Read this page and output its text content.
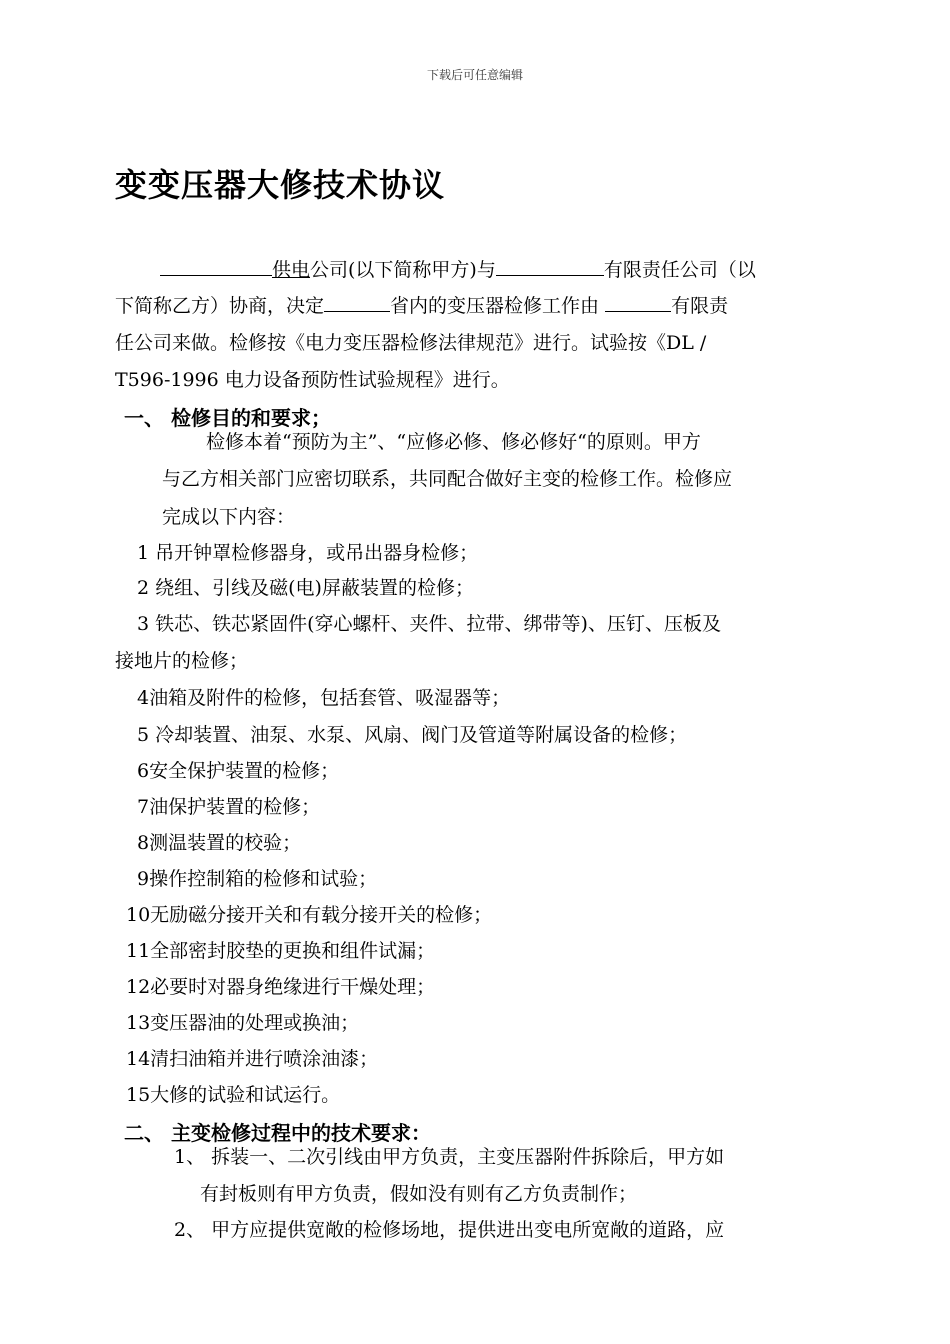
下载后可任意编辑
变变压器大修技术协议
供电公司(以下简称甲方)与	有限责任公司（以
下简称乙方）协商，决定	省内的变压器检修工作由	有限责
任公司来做。检修按《电力变压器检修法律规范》进行。试验按《DL /
T596-1996 电力设备预防性试验规程》进行。
一、 检修目的和要求；
检修本着“预防为主”、“应修必修、修必修好“的原则。甲方
与乙方相关部门应密切联系，共同配合做好主变的检修工作。检修应
完成以下内容：
1 吊开钟罩检修器身，或吊出器身检修；
2 绕组、引线及磁(电)屏蔽装置的检修；
3 铁芯、铁芯紧固件(穿心螺杆、夹件、拉带、绑带等)、压钉、压板及
接地片的检修；
4油箱及附件的检修，包括套管、吸湿器等；
5 冷却装置、油泵、水泵、风扇、阀门及管道等附属设备的检修；
6安全保护装置的检修；
7油保护装置的检修；
8测温装置的校验；
9操作控制箱的检修和试验；
10无励磁分接开关和有载分接开关的检修；
11全部密封胶垫的更换和组件试漏；
12必要时对器身绝缘进行干燥处理；
13变压器油的处理或换油；
14清扫油箱并进行喷涂油漆；
15大修的试验和试运行。
二、 主变检修过程中的技术要求：
1、 拆装一、二次引线由甲方负责，主变压器附件拆除后，甲方如
有封板则有甲方负责，假如没有则有乙方负责制作；
2、 甲方应提供宽敞的检修场地，提供进出变电所宽敞的道路，应
